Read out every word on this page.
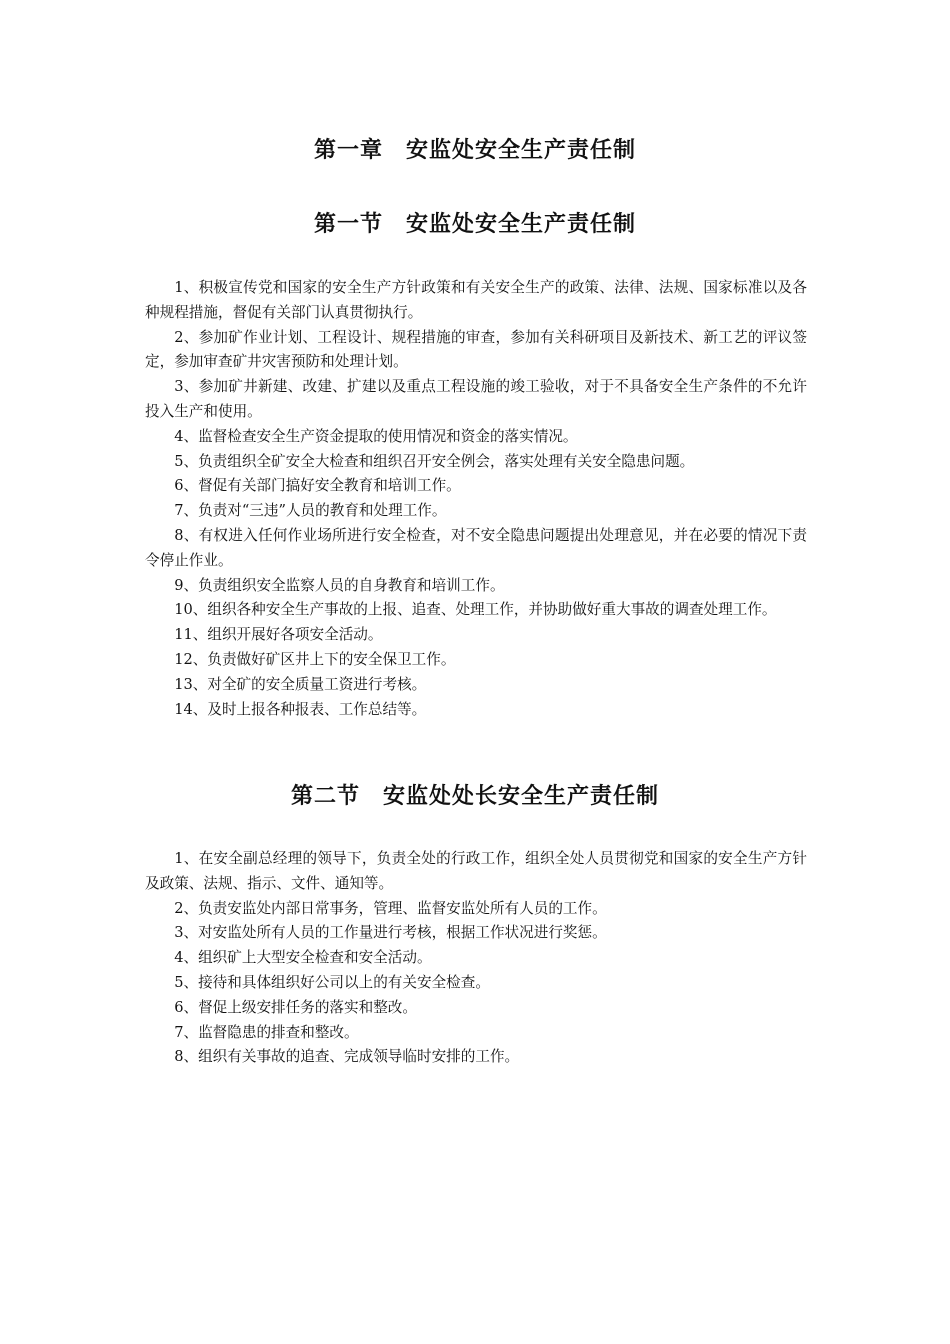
第一章　安监处安全生产责任制
第一节　安监处安全生产责任制

1、积极宣传党和国家的安全生产方针政策和有关安全生产的政策、法律、法规、国家标准以及各种规程措施，督促有关部门认真贯彻执行。

2、参加矿作业计划、工程设计、规程措施的审查，参加有关科研项目及新技术、新工艺的评议签定，参加审查矿井灾害预防和处理计划。

3、参加矿井新建、改建、扩建以及重点工程设施的竣工验收，对于不具备安全生产条件的不允许投入生产和使用。

4、监督检查安全生产资金提取的使用情况和资金的落实情况。

5、负责组织全矿安全大检查和组织召开安全例会，落实处理有关安全隐患问题。

6、督促有关部门搞好安全教育和培训工作。

7、负责对“三违”人员的教育和处理工作。

8、有权进入任何作业场所进行安全检查，对不安全隐患问题提出处理意见，并在必要的情况下责令停止作业。

9、负责组织安全监察人员的自身教育和培训工作。

10、组织各种安全生产事故的上报、追查、处理工作，并协助做好重大事故的调查处理工作。

11、组织开展好各项安全活动。

12、负责做好矿区井上下的安全保卫工作。

13、对全矿的安全质量工资进行考核。

14、及时上报各种报表、工作总结等。

第二节　安监处处长安全生产责任制

1、在安全副总经理的领导下，负责全处的行政工作，组织全处人员贯彻党和国家的安全生产方针及政策、法规、指示、文件、通知等。

2、负责安监处内部日常事务，管理、监督安监处所有人员的工作。

3、对安监处所有人员的工作量进行考核，根据工作状况进行奖惩。

4、组织矿上大型安全检查和安全活动。

5、接待和具体组织好公司以上的有关安全检查。

6、督促上级安排任务的落实和整改。

7、监督隐患的排查和整改。

8、组织有关事故的追查、完成领导临时安排的工作。
